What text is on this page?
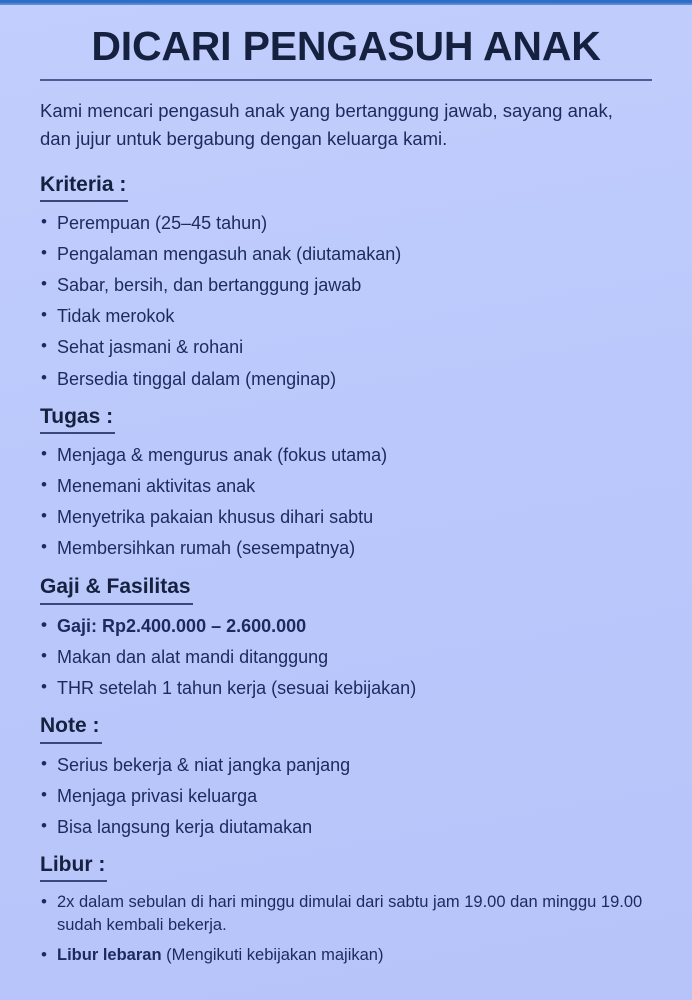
DICARI PENGASUH ANAK

Kami mencari pengasuh anak yang bertanggung jawab, sayang anak, dan jujur untuk bergabung dengan keluarga kami.

Kriteria :
• Perempuan (25–45 tahun)
• Pengalaman mengasuh anak (diutamakan)
• Sabar, bersih, dan bertanggung jawab
• Tidak merokok
• Sehat jasmani & rohani
• Bersedia tinggal dalam (menginap)
Tugas :
• Menjaga & mengurus anak (fokus utama)
• Menemani aktivitas anak
• Menyetrika pakaian khusus dihari sabtu
• Membersihkan rumah (sesempatnya)
Gaji & Fasilitas
• Gaji: Rp2.400.000 – 2.600.000
• Makan dan alat mandi ditanggung
• THR setelah 1 tahun kerja (sesuai kebijakan)
Note :
• Serius bekerja & niat jangka panjang
• Menjaga privasi keluarga
• Bisa langsung kerja diutamakan
Libur :
• 2x dalam sebulan di hari minggu dimulai dari sabtu jam 19.00 dan minggu 19.00 sudah kembali bekerja.
• Libur lebaran (Mengikuti kebijakan majikan)
